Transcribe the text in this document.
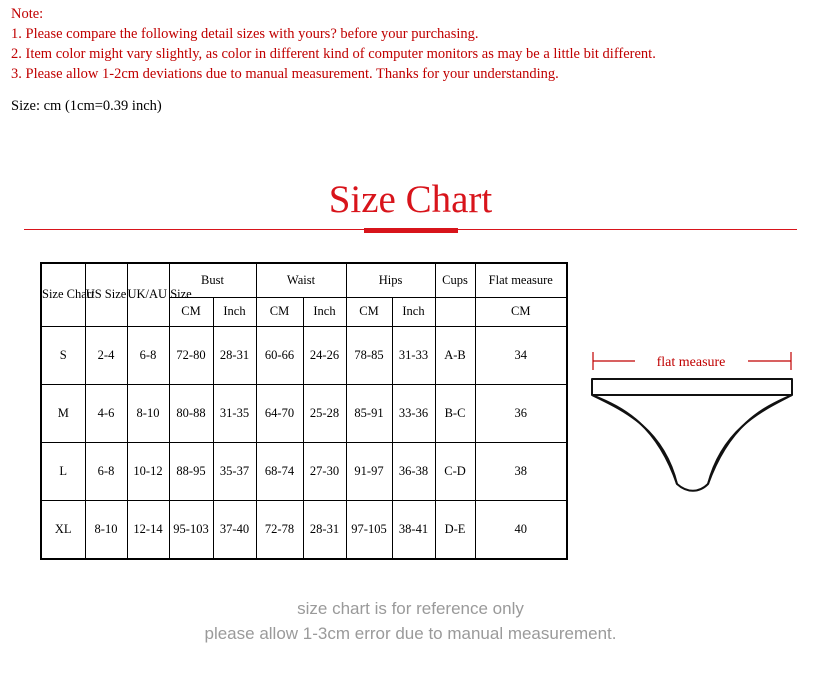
Note:
1. Please compare the following detail sizes with yours? before your purchasing.
2. Item color might vary slightly, as color in different kind of computer monitors as may be a little bit different.
3. Please allow 1-2cm deviations due to manual measurement. Thanks for your understanding.
Size: cm (1cm=0.39 inch)
Size Chart
Size Chart	US Size	UK/AU Size	Bust		Waist		Hips		Cups	Flat measure
			CM	Inch	CM	Inch	CM	Inch		CM
S	2-4	6-8	72-80	28-31	60-66	24-26	78-85	31-33	A-B	34
M	4-6	8-10	80-88	31-35	64-70	25-28	85-91	33-36	B-C	36
L	6-8	10-12	88-95	35-37	68-74	27-30	91-97	36-38	C-D	38
XL	8-10	12-14	95-103	37-40	72-78	28-31	97-105	38-41	D-E	40
flat measure
size chart is for reference only
please allow 1-3cm error due to manual measurement.
